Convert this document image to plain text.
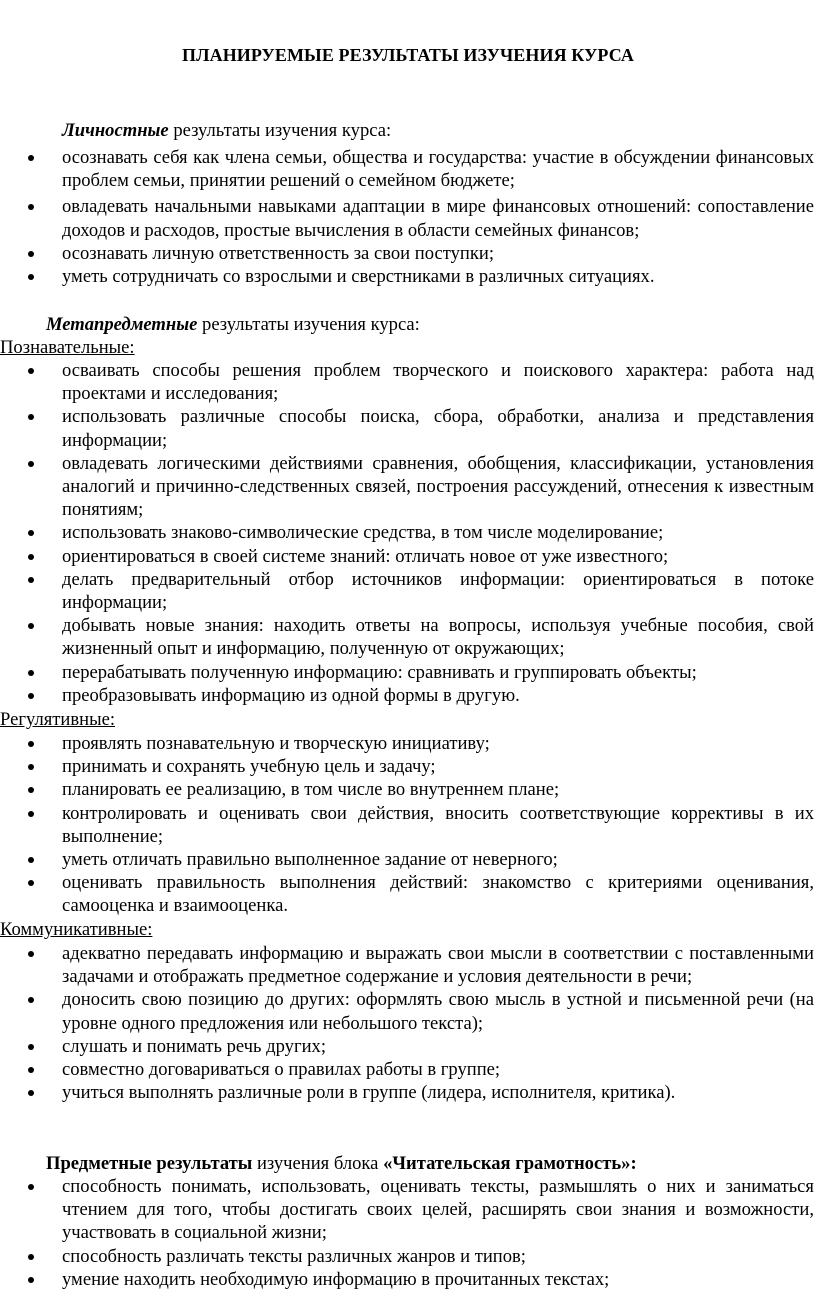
ПЛАНИРУЕМЫЕ РЕЗУЛЬТАТЫ ИЗУЧЕНИЯ КУРСА
Личностные результаты изучения курса:
осознавать себя как члена семьи, общества и государства: участие в обсуждении финансовых проблем семьи, принятии решений о семейном бюджете;
овладевать начальными навыками адаптации в мире финансовых отношений: сопоставление доходов и расходов, простые вычисления в области семейных финансов;
осознавать личную ответственность за свои поступки;
уметь сотрудничать со взрослыми и сверстниками в различных ситуациях.
Метапредметные результаты изучения курса:
Познавательные:
осваивать способы решения проблем творческого и поискового характера: работа над проектами и исследования;
использовать различные способы поиска, сбора, обработки, анализа и представления информации;
овладевать логическими действиями сравнения, обобщения, классификации, установления аналогий и причинно-следственных связей, построения рассуждений, отнесения к известным понятиям;
использовать знаково-символические средства, в том числе моделирование;
ориентироваться в своей системе знаний: отличать новое от уже известного;
делать предварительный отбор источников информации: ориентироваться в потоке информации;
добывать новые знания: находить ответы на вопросы, используя учебные пособия, свой жизненный опыт и информацию, полученную от окружающих;
перерабатывать полученную информацию: сравнивать и группировать объекты;
преобразовывать информацию из одной формы в другую.
Регулятивные:
проявлять познавательную и творческую инициативу;
принимать и сохранять учебную цель и задачу;
планировать ее реализацию, в том числе во внутреннем плане;
контролировать и оценивать свои действия, вносить соответствующие коррективы в их выполнение;
уметь отличать правильно выполненное задание от неверного;
оценивать правильность выполнения действий: знакомство с критериями оценивания, самооценка и взаимооценка.
Коммуникативные:
адекватно передавать информацию и выражать свои мысли в соответствии с поставленными задачами и отображать предметное содержание и условия деятельности в речи;
доносить свою позицию до других: оформлять свою мысль в устной и письменной речи (на уровне одного предложения или небольшого текста);
слушать и понимать речь других;
совместно договариваться о правилах работы в группе;
учиться выполнять различные роли в группе (лидера, исполнителя, критика).
Предметные результаты изучения блока «Читательская грамотность»:
способность понимать, использовать, оценивать тексты, размышлять о них и заниматься чтением для того, чтобы достигать своих целей, расширять свои знания и возможности, участвовать в социальной жизни;
способность различать тексты различных жанров и типов;
умение находить необходимую информацию в прочитанных текстах;
